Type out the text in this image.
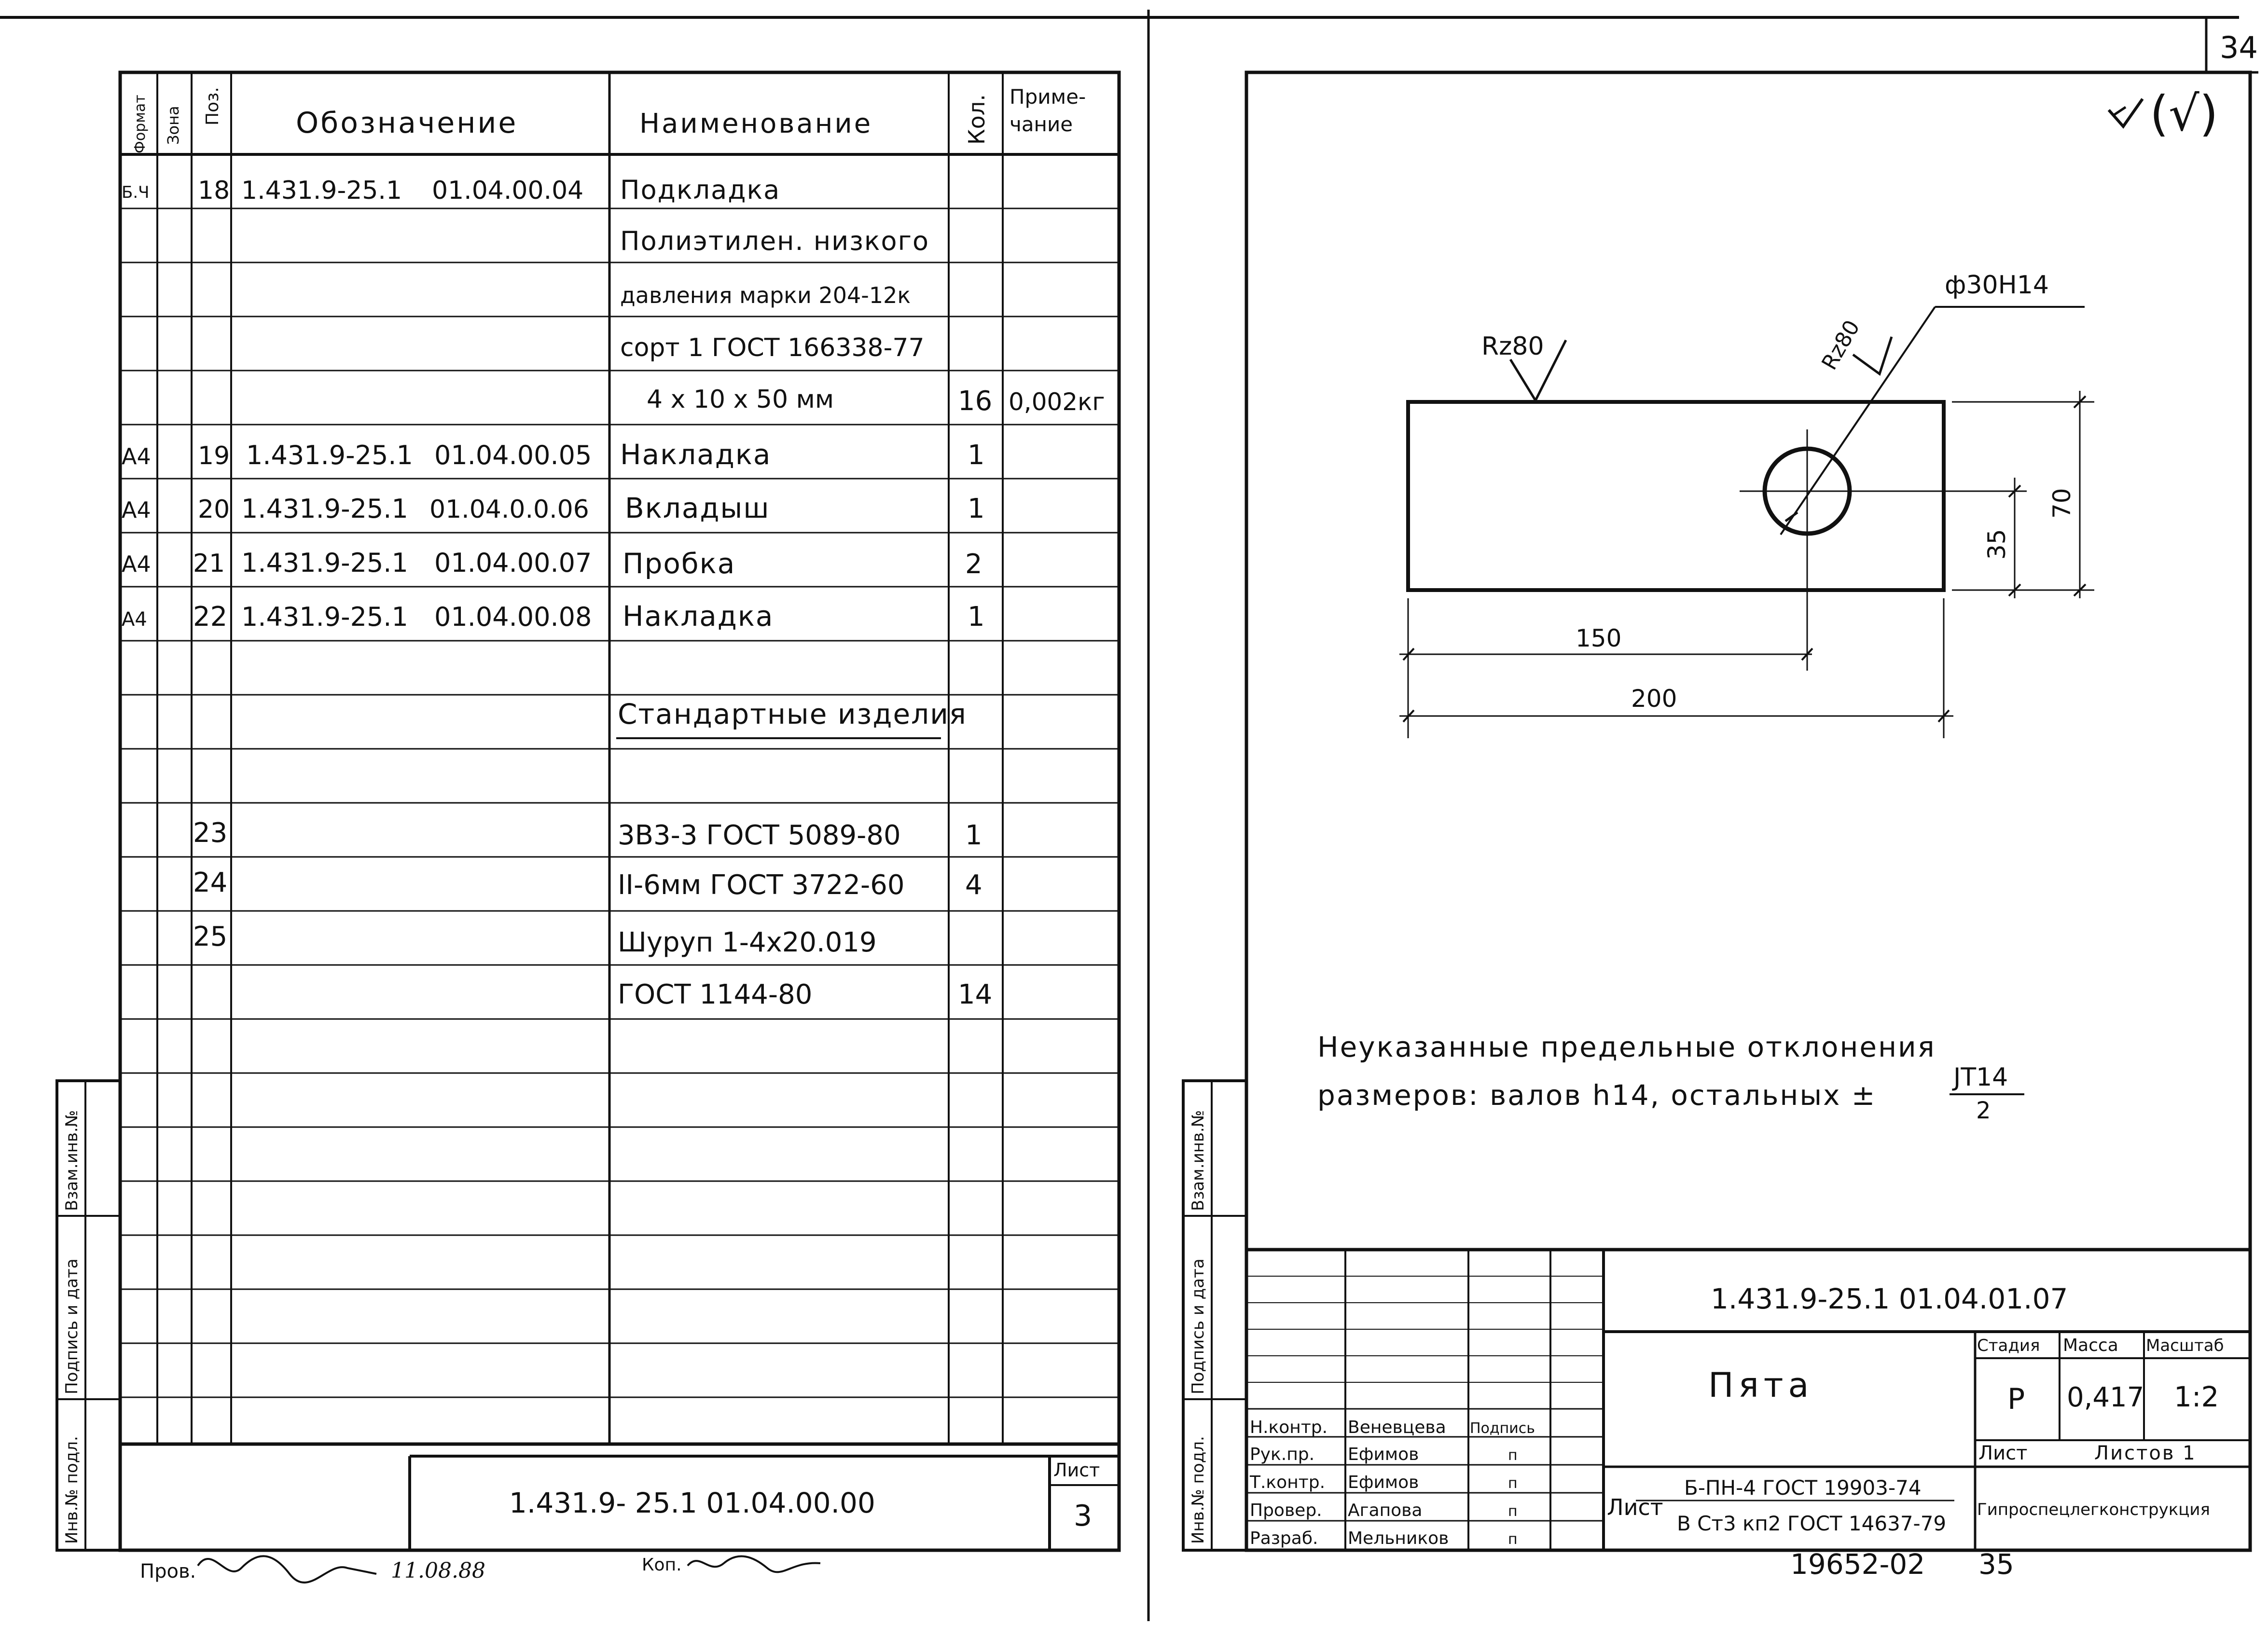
34
Формат Зона Поз.	Обозначение	Наименование	Кол. Приме-
чание
Б.Ч 18 1.431.9-25.1 01.04.00.04 Подкладка
Полиэтилен. низкого
давления марки 204-12к
сорт 1 ГОСТ 166338-77
4 х 10 х 50 мм	16 0,002кг
А4 19 1.431.9-25.1 01.04.00.05 Накладка	1
А4 20 1.431.9-25.1 01.04.0.0.06 Вкладыш	1
А4 21 1.431.9-25.1 01.04.00.07 Пробка	2
А4 22 1.431.9-25.1 01.04.00.08 Накладка	1
Стандартные изделия
23	3В3-3 ГОСТ 5089-80 1
24	II-6мм ГОСТ 3722-60 4
25	Шуруп 1-4х20.019
ГОСТ 1144-80	14
Инв.№ подл.
Подпись и дата
Взам.инв.№
1.431.9- 25.1 01.04.00.00
Лист
3
Пров.	11.08.88	Коп.
(√)
Rz80	Rz80
ф30Н14
150
200
35
70
Неуказанные предельные отклонения
размеров: валов h14, остальных ±
JT14
2
Инв.№ подл.
Подпись и дата
Взам.инв.№
1.431.9-25.1 01.04.01.07
Пята
Стадия Масса Масштаб
Р 0,417 1:2
Лист	Листов 1
Гипроспецлегконструкция
Лист
Б-ПН-4 ГОСТ 19903-74
В Ст3 кп2 ГОСТ 14637-79
Подпись
Н.контр. Веневцева
Рук.пр. Ефимов	п
Т.контр. Ефимов	п
Провер. Агапова	п
Разраб. Мельников	п
19652-02 35
